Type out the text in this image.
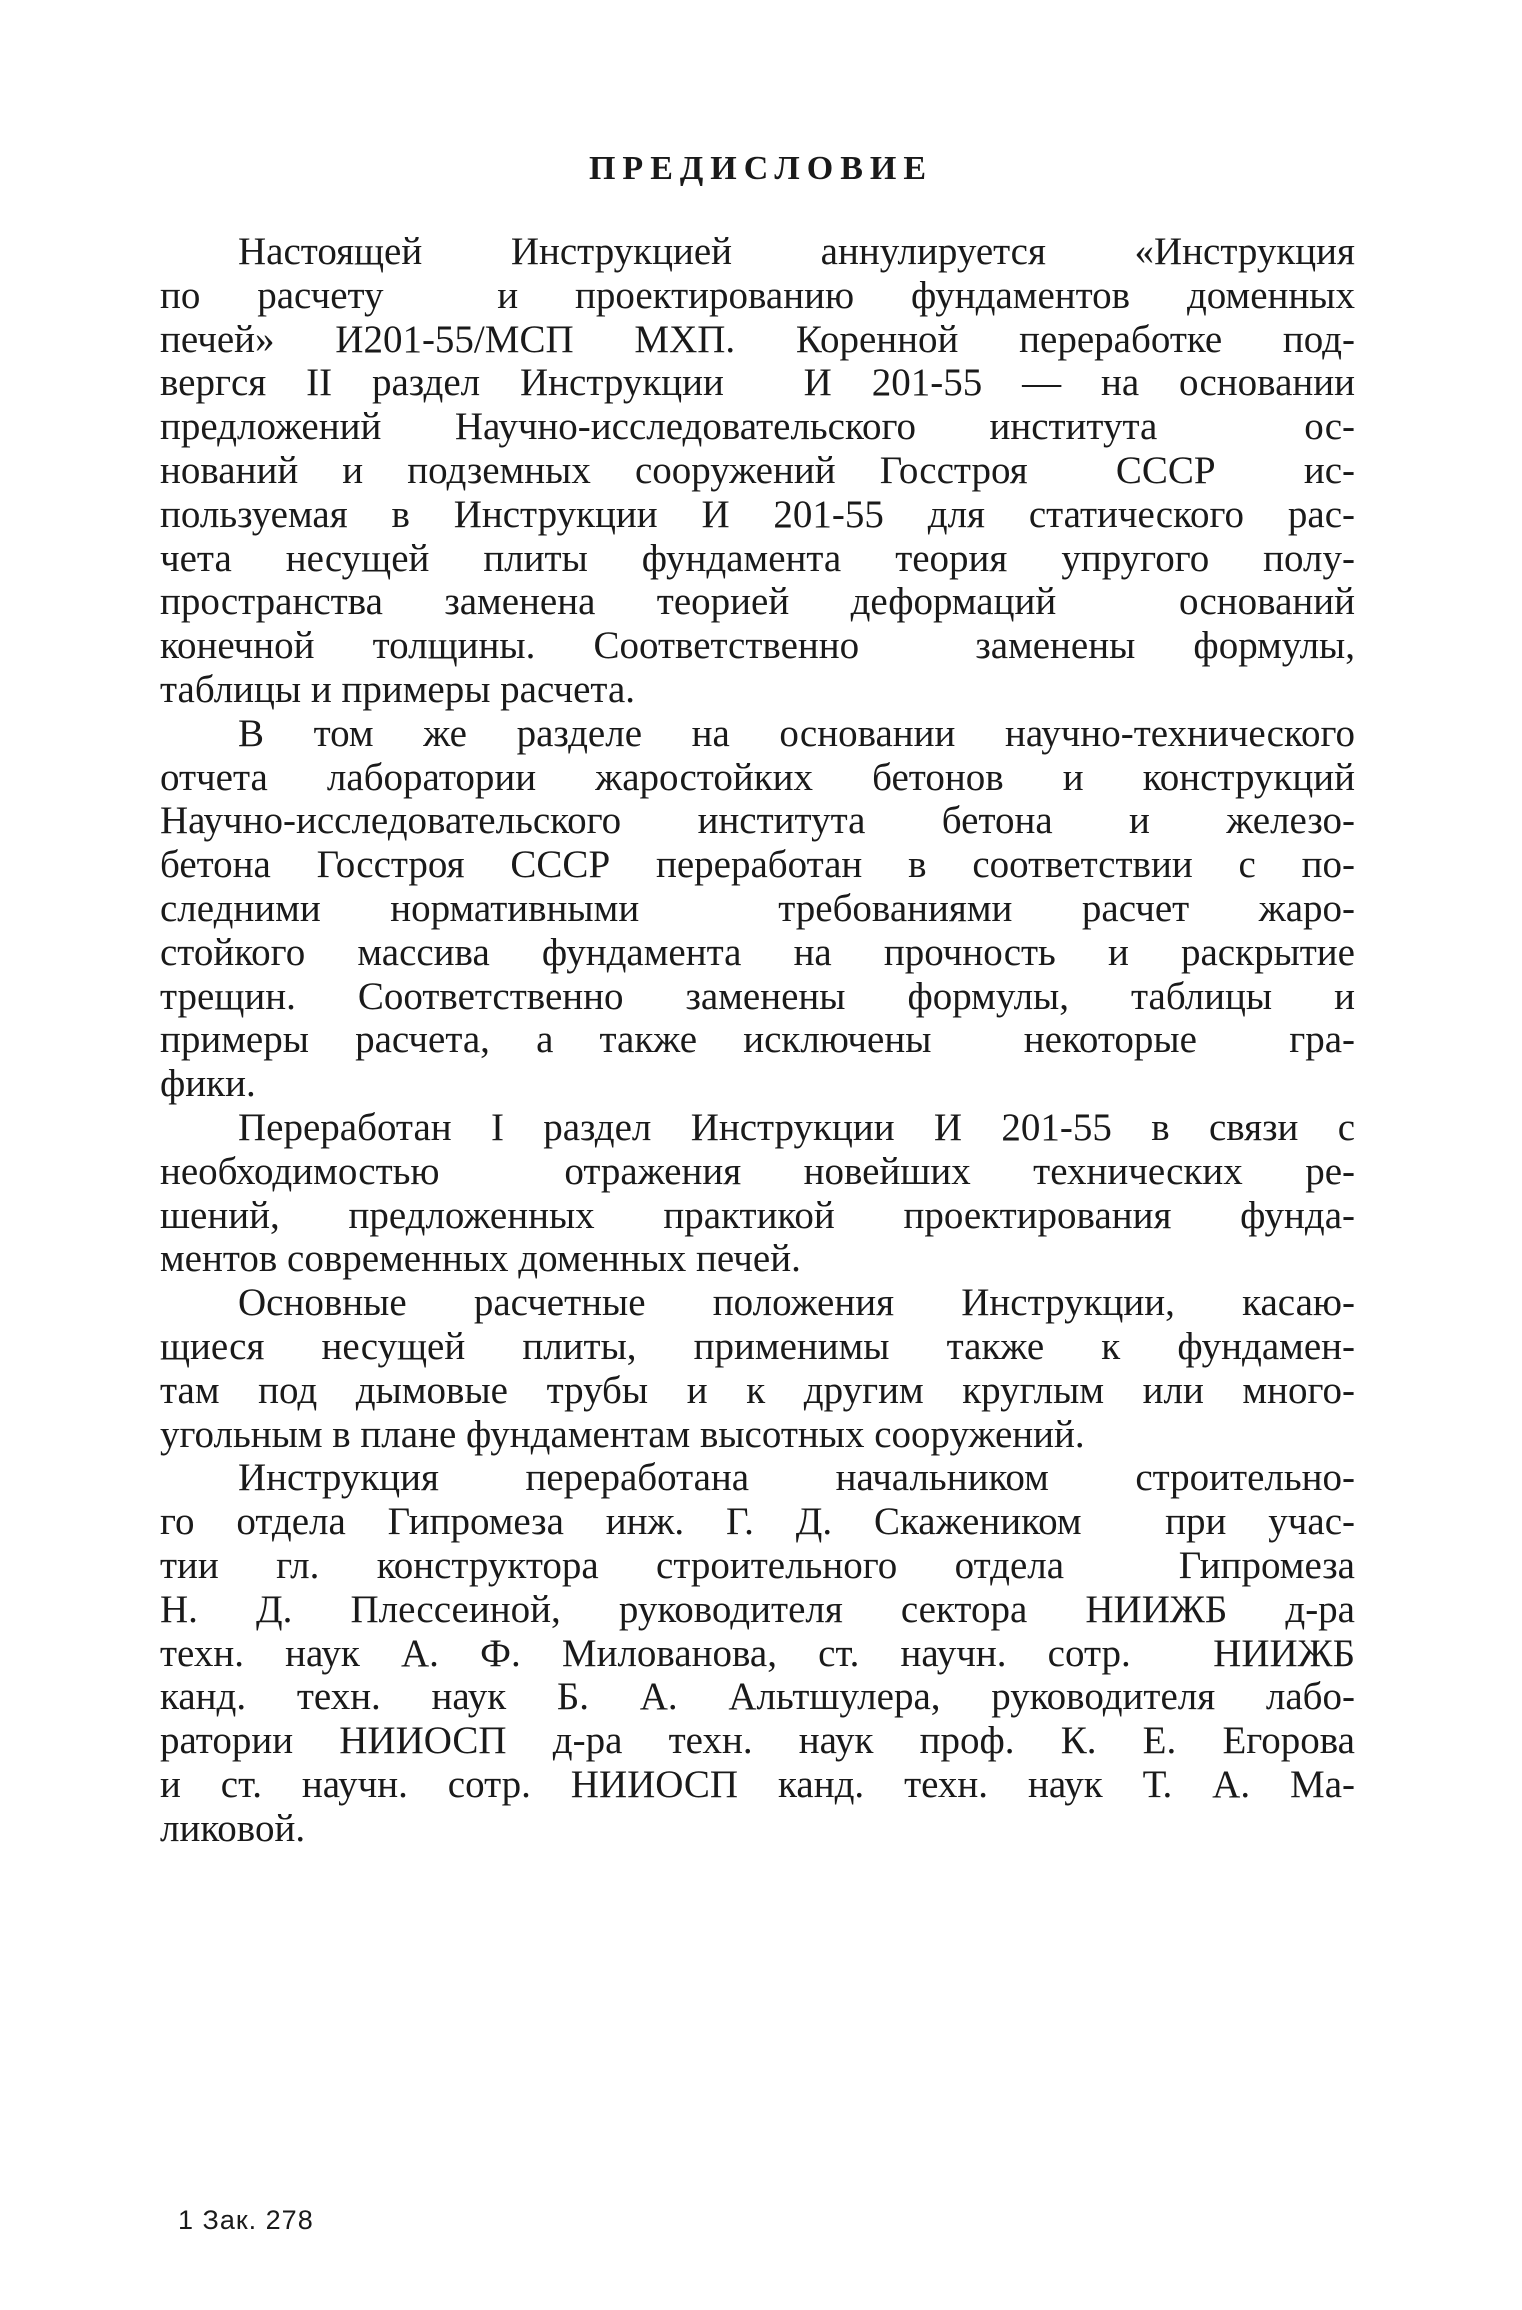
ПРЕДИСЛОВИЕ
Настоящей Инструкцией аннулируется «Инструкция
по расчету  и проектированию фундаментов доменных
печей» И201-55/МСП МХП. Коренной переработке под-
вергся II раздел Инструкции  И 201-55 — на основании
предложений Научно-исследовательского института  ос-
нований и подземных сооружений Госстроя  СССР  ис-
пользуемая в Инструкции И 201-55 для статического рас-
чета несущей плиты фундамента теория упругого полу-
пространства заменена теорией деформаций  оснований
конечной толщины. Соответственно  заменены формулы,
таблицы и примеры расчета.
В том же разделе на основании научно-технического
отчета лаборатории жаростойких бетонов и конструкций
Научно-исследовательского института бетона и железо-
бетона Госстроя СССР переработан в соответствии с по-
следними нормативными  требованиями расчет жаро-
стойкого массива фундамента на прочность и раскрытие
трещин. Соответственно заменены формулы, таблицы и
примеры расчета, а также исключены  некоторые  гра-
фики.
Переработан I раздел Инструкции И 201-55 в связи с
необходимостью  отражения новейших технических ре-
шений, предложенных практикой проектирования фунда-
ментов современных доменных печей.
Основные расчетные положения Инструкции, касаю-
щиеся несущей плиты, применимы также к фундамен-
там под дымовые трубы и к другим круглым или много-
угольным в плане фундаментам высотных сооружений.
Инструкция переработана начальником строительно-
го отдела Гипромеза инж. Г. Д. Скажеником  при учас-
тии гл. конструктора строительного отдела  Гипромеза
Н. Д. Плессеиной, руководителя сектора НИИЖБ д-ра
техн. наук А. Ф. Милованова, ст. научн. сотр.  НИИЖБ
канд. техн. наук Б. А. Альтшулера, руководителя лабо-
ратории НИИОСП д-ра техн. наук проф. К. Е. Егорова
и ст. научн. сотр. НИИОСП канд. техн. наук Т. А. Ма-
ликовой.
1 Зак. 278
